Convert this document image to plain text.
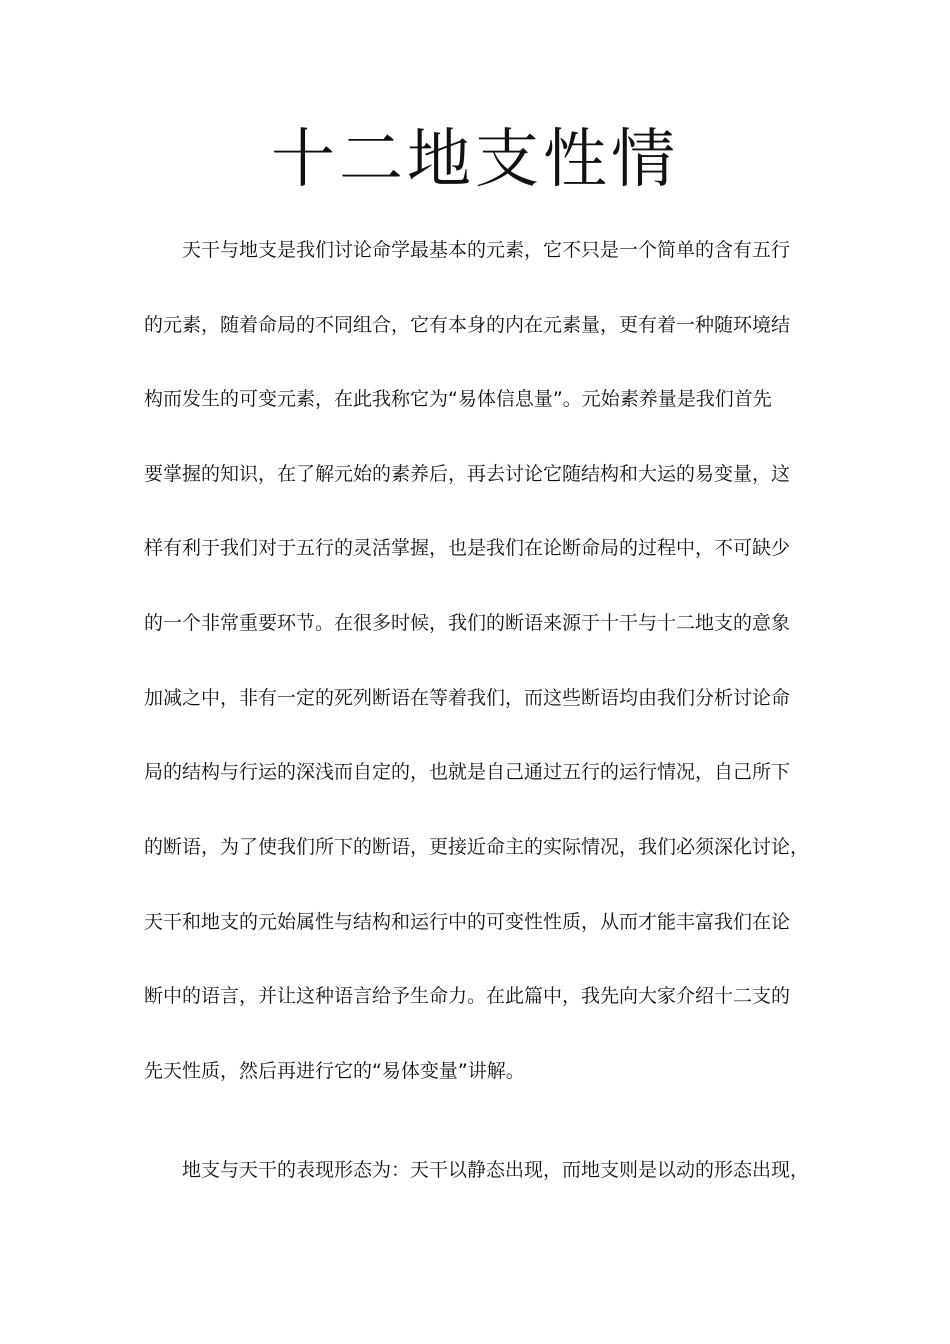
十二地支性情
天干与地支是我们讨论命学最基本的元素，它不只是一个简单的含有五行
的元素，随着命局的不同组合，它有本身的内在元素量，更有着一种随环境结
构而发生的可变元素，在此我称它为“易体信息量”。元始素养量是我们首先
要掌握的知识，在了解元始的素养后，再去讨论它随结构和大运的易变量，这
样有利于我们对于五行的灵活掌握，也是我们在论断命局的过程中，不可缺少
的一个非常重要环节。在很多时候，我们的断语来源于十干与十二地支的意象
加减之中，非有一定的死列断语在等着我们，而这些断语均由我们分析讨论命
局的结构与行运的深浅而自定的，也就是自己通过五行的运行情况，自己所下
的断语，为了使我们所下的断语，更接近命主的实际情况，我们必须深化讨论，
天干和地支的元始属性与结构和运行中的可变性性质，从而才能丰富我们在论
断中的语言，并让这种语言给予生命力。在此篇中，我先向大家介绍十二支的
先天性质，然后再进行它的“易体变量”讲解。
地支与天干的表现形态为：天干以静态出现，而地支则是以动的形态出现，
